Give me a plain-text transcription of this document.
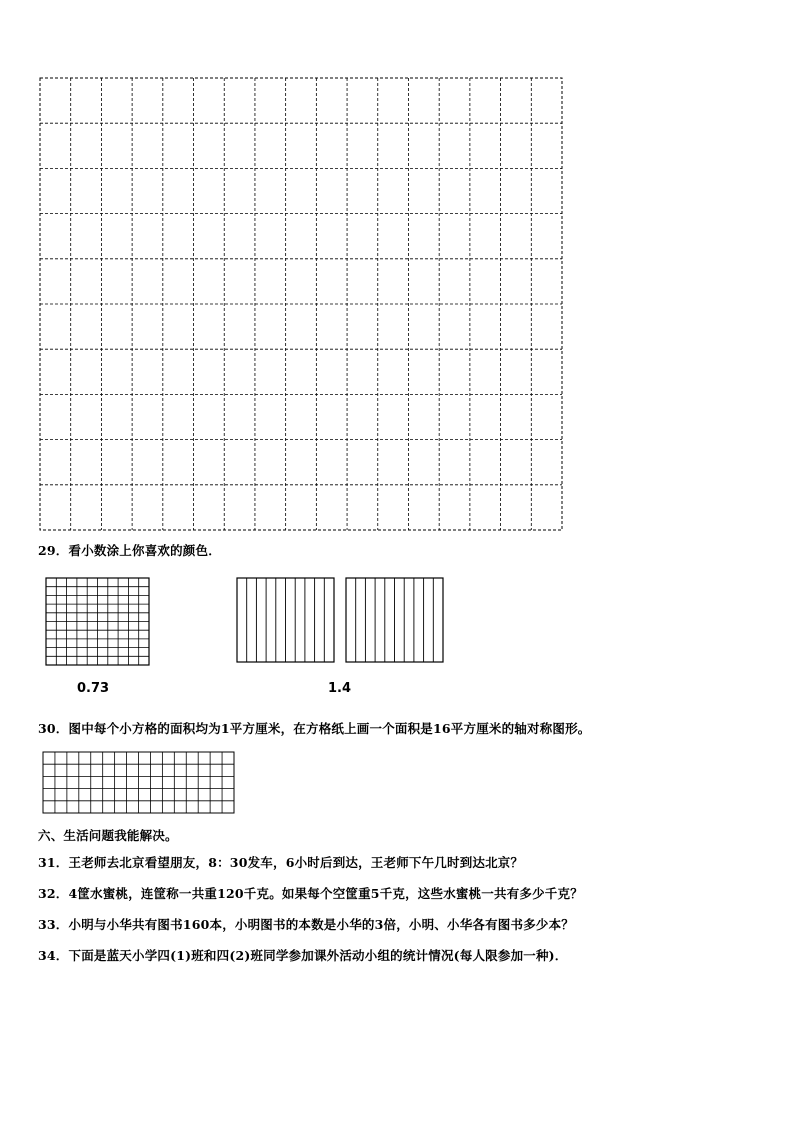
29．看小数涂上你喜欢的颜色．
0.73	1.4
30．图中每个小方格的面积均为1平方厘米，在方格纸上画一个面积是16平方厘米的轴对称图形。
六、生活问题我能解决。
31．王老师去北京看望朋友，8：30发车，6小时后到达，王老师下午几时到达北京？
32．4筐水蜜桃，连筐称一共重120千克。如果每个空筐重5千克，这些水蜜桃一共有多少千克？
33．小明与小华共有图书160本，小明图书的本数是小华的3倍，小明、小华各有图书多少本？
34．下面是蓝天小学四(1)班和四(2)班同学参加课外活动小组的统计情况(每人限参加一种)．
